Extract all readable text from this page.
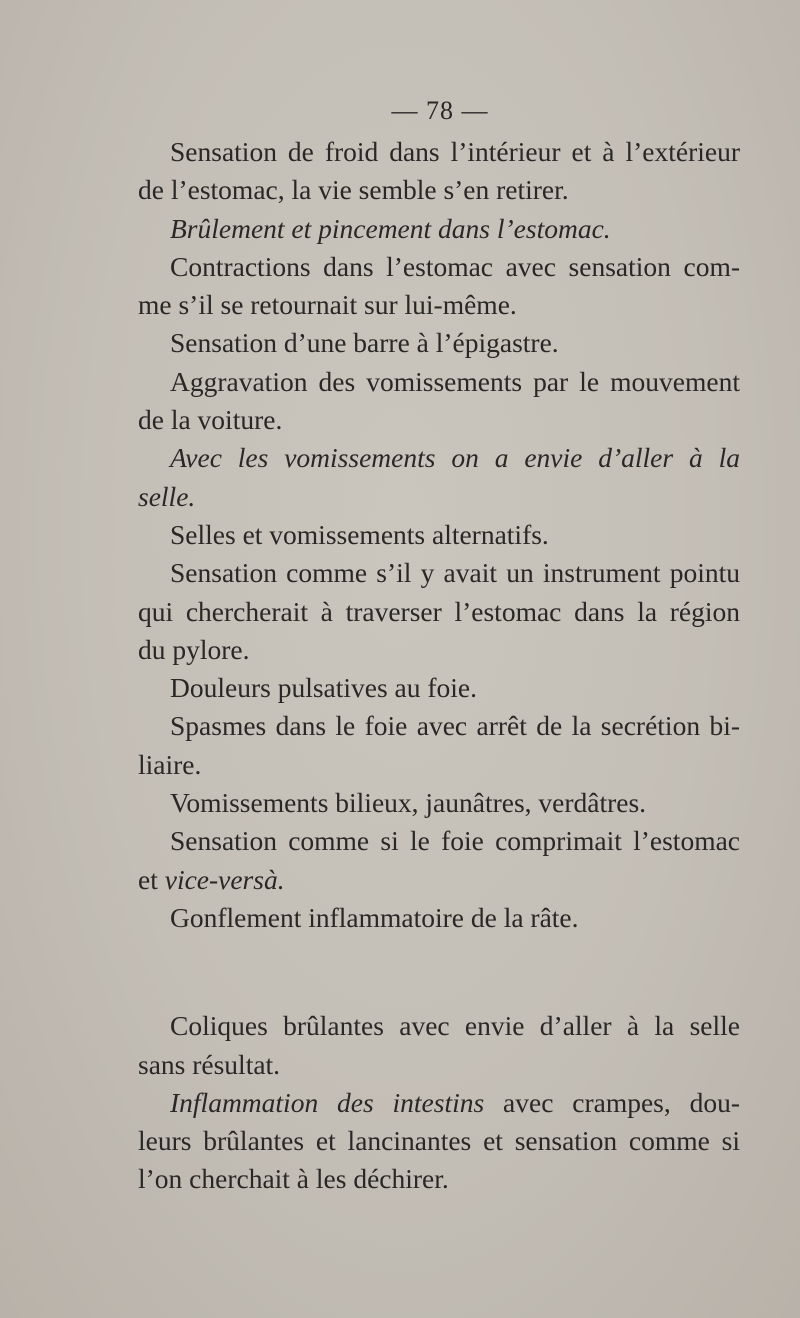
— 78 —
Sensation de froid dans l’intérieur et à l’extérieur
de l’estomac, la vie semble s’en retirer.
Brûlement et pincement dans l’estomac.
Contractions dans l’estomac avec sensation com-
me s’il se retournait sur lui-même.
Sensation d’une barre à l’épigastre.
Aggravation des vomissements par le mouvement
de la voiture.
Avec les vomissements on a envie d’aller à la
selle.
Selles et vomissements alternatifs.
Sensation comme s’il y avait un instrument pointu
qui chercherait à traverser l’estomac dans la région
du pylore.
Douleurs pulsatives au foie.
Spasmes dans le foie avec arrêt de la secrétion bi-
liaire.
Vomissements bilieux, jaunâtres, verdâtres.
Sensation comme si le foie comprimait l’estomac
et vice-versà.
Gonflement inflammatoire de la râte.
Coliques brûlantes avec envie d’aller à la selle
sans résultat.
Inflammation des intestins avec crampes, dou-
leurs brûlantes et lancinantes et sensation comme si
l’on cherchait à les déchirer.
